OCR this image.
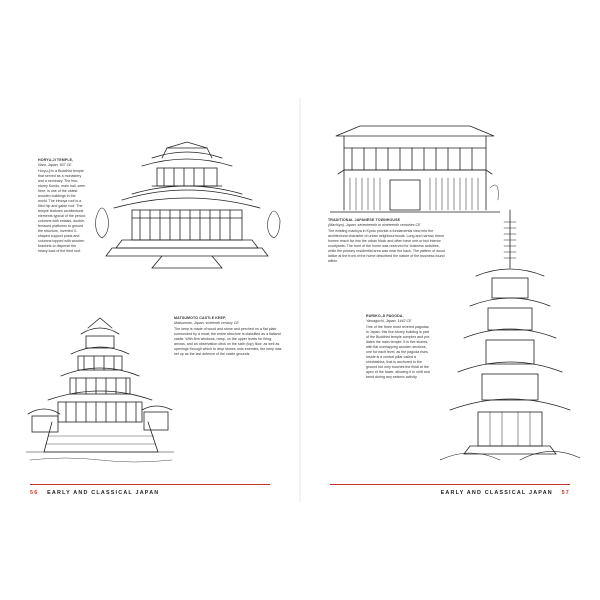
HORYU-JI TEMPLE,
Nara, Japan, 607 CE
Horyu-ji is a Buddhist temple that served as a monastery and a seminary. The two-storey Kondo, main hall, seen here, is one of the oldest wooden buildings in the world. The irimoya roof is a tiled hip and gable roof. The temple features architectural elements typical of the period: columns with entasis, double-terraced platforms to ground the structure, inverted V-shaped support posts and columns topped with wooden brackets to disperse the heavy load of the tiled roof.
MATSUMOTO CASTLE KEEP,
Matsumoto, Japan, sixteenth century CE
The keep is made of wood and stone and perched on a flat plain surrounded by a moat; the entire structure is classified as a flatland castle. With 8rm windows, ramp, on the upper levels for firing arrows, and an observation deck on the sixth (top) floor, as well as openings through which to drop stones onto enemies, the keep was set up as the last defence of the castle grounds.
56 EARLY AND CLASSICAL JAPAN
TRADITIONAL JAPANESE TOWNHOUSE
(Machiya), Japan, seventeenth to nineteenth centuries CE
The existing machiya in Kyoto provide a fundamental view into the architectural character of urban neighbourhoods. Long and narrow, these homes reach far into the urban block and often have one or two interior courtyards. The front of the home was reserved for business activities, while the primary residential area was near the back. The pattern of wood lattice at the front of the home described the nature of the business found within.
RURIKO-JI PAGODA,
Yamaguchi, Japan, 1442 CE
One of the three most revered pagodas in Japan, this five-storey building is part of the Buddhist temple complex and pre-dates the main temple. It is five stories, with flat overlapping wooden sections, one for each level, as the pagoda rises. Inside is a central pillar called a shinbashira, that is anchored to the ground but only touches the finial at the apex of the tower, allowing it to shift and bend during any seismic activity.
EARLY AND CLASSICAL JAPAN 57
